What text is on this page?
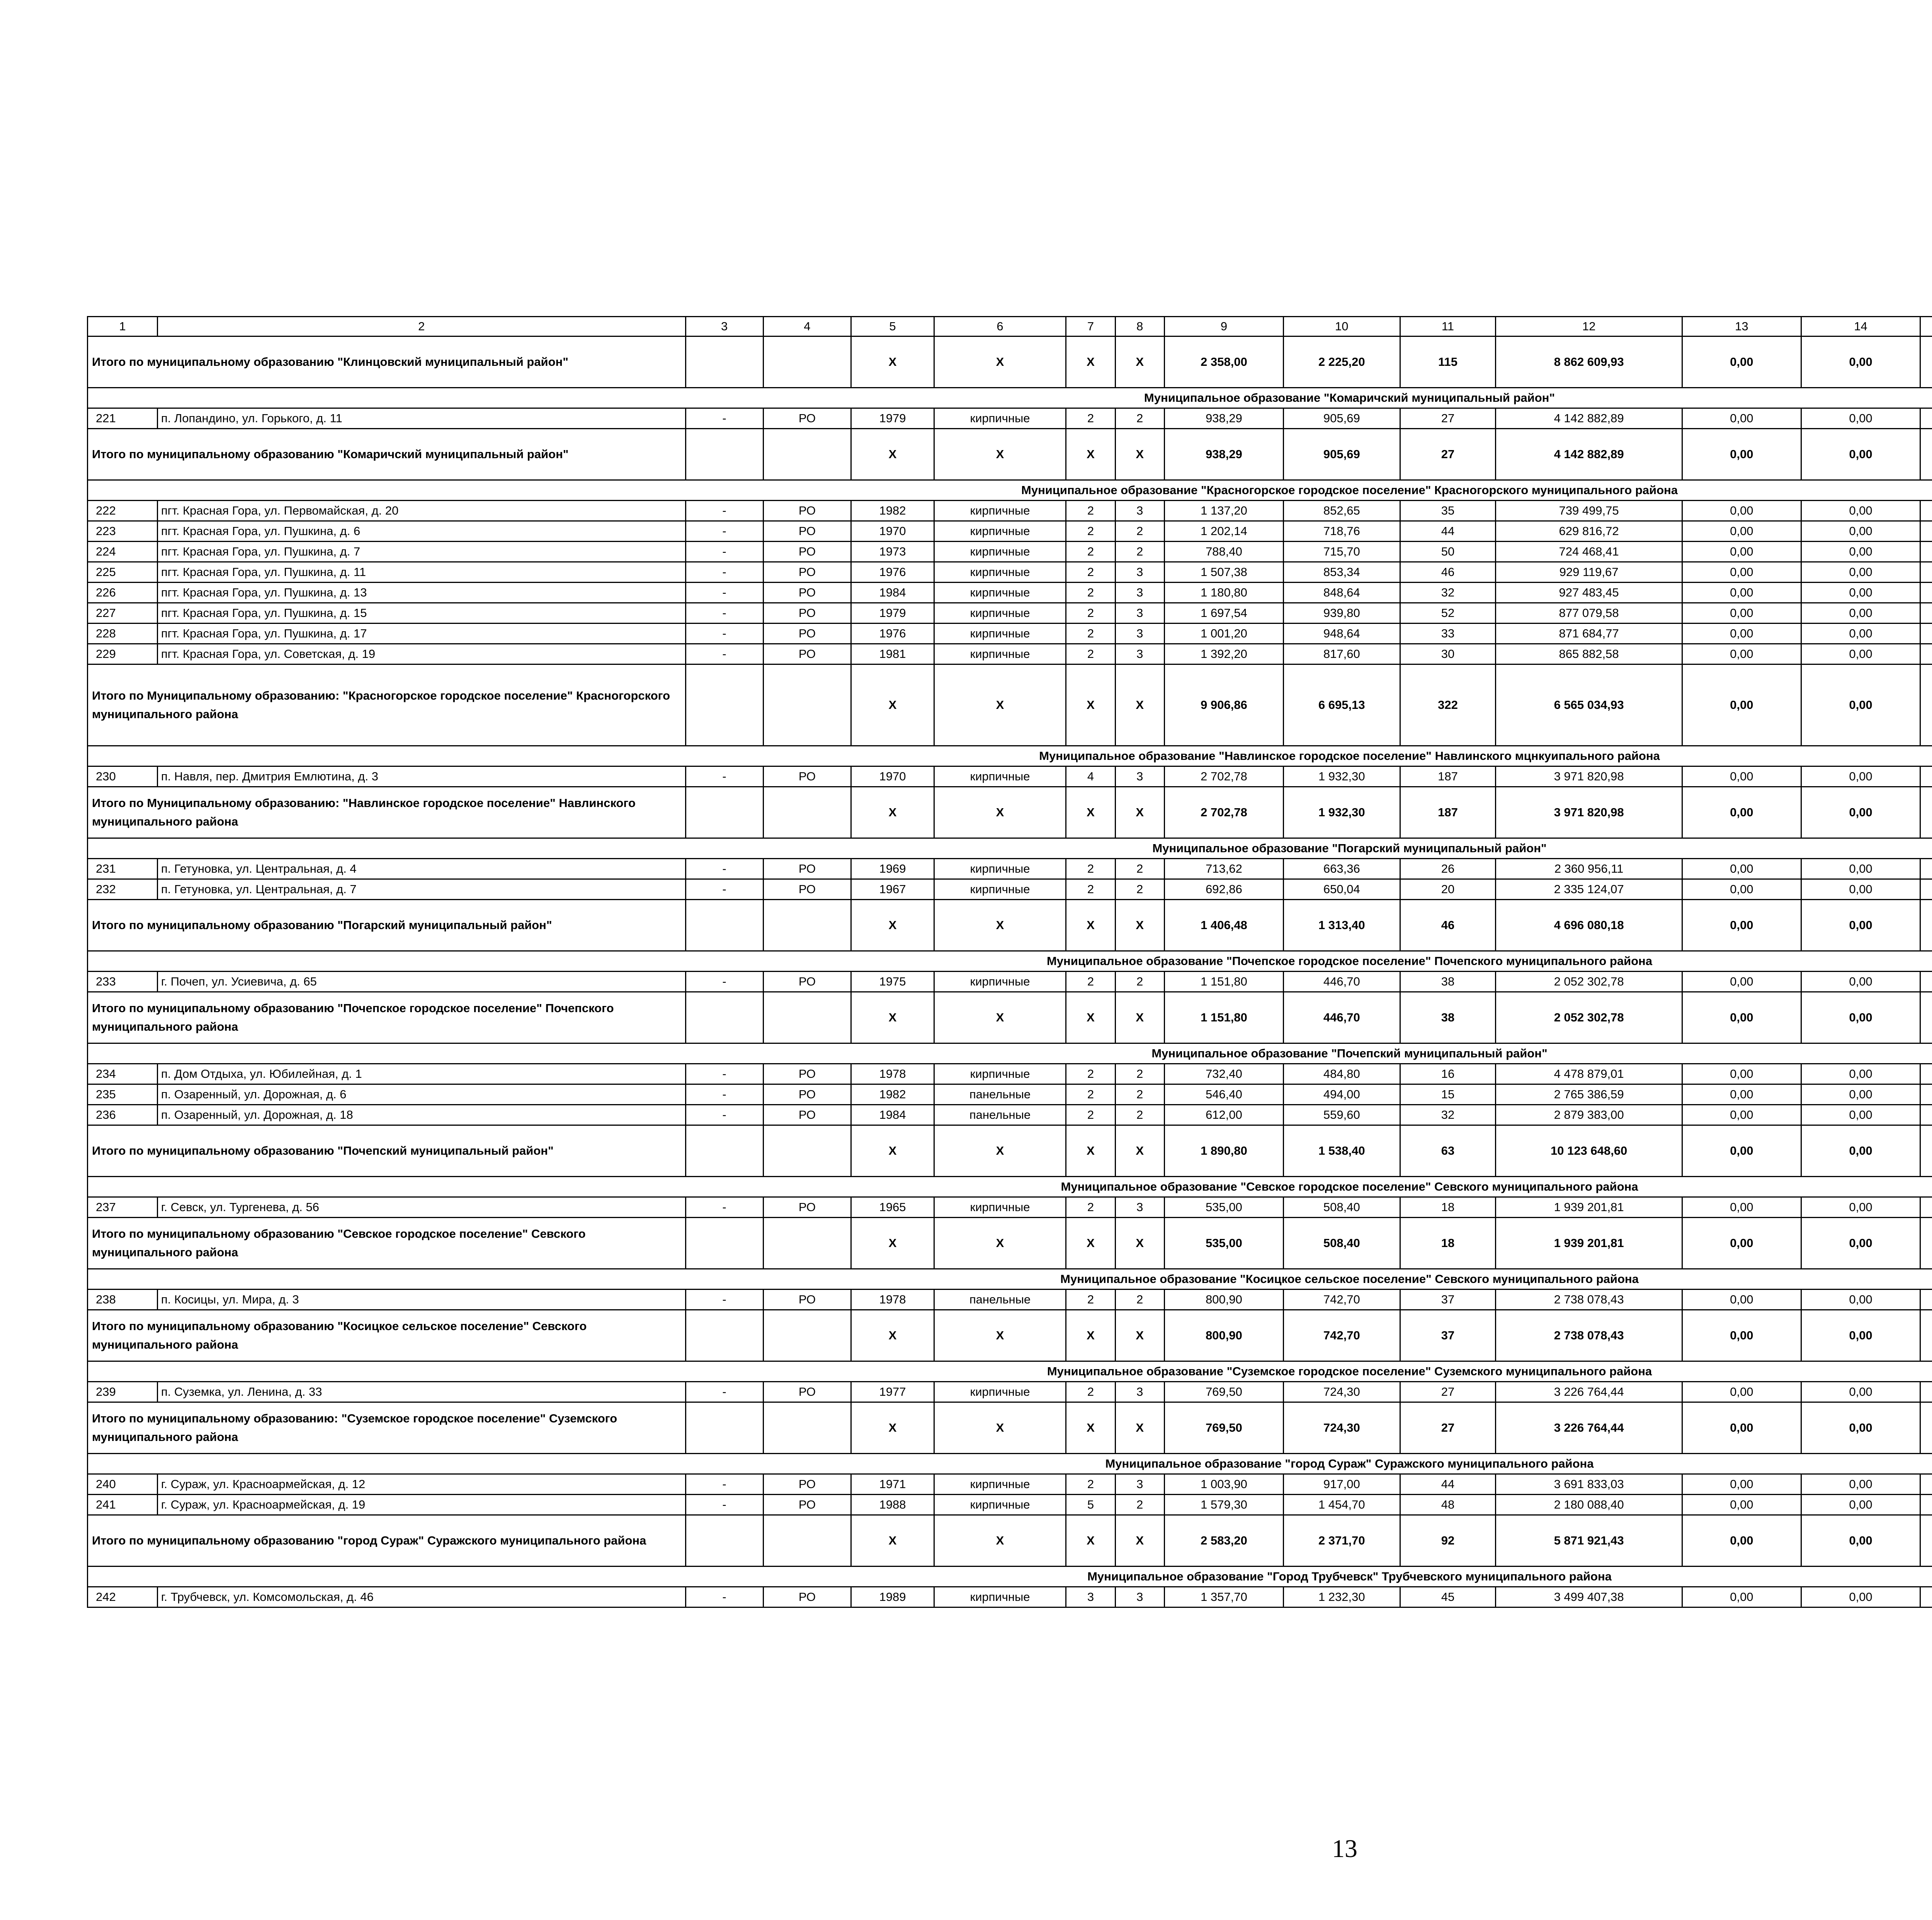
1	2	3	4	5	6	7	8	9	10	11	12	13	14					
Итого по муниципальному образованию "Клинцовский муниципальный район"				X	X	X	X	2 358,00	2 225,20	115	8 862 609,93	0,00	0,00					
Муниципальное образование "Комаричский муниципальный район"																		
221	п. Лопандино, ул. Горького, д. 11	-	РО	1979	кирпичные	2	2	938,29	905,69	27	4 142 882,89	0,00	0,00					
Итого по муниципальному образованию "Комаричский муниципальный район"				X	X	X	X	938,29	905,69	27	4 142 882,89	0,00	0,00					
Муниципальное образование "Красногорское городское поселение" Красногорского муниципального района																		
222	пгт. Красная Гора, ул. Первомайская, д. 20	-	РО	1982	кирпичные	2	3	1 137,20	852,65	35	739 499,75	0,00	0,00					
223	пгт. Красная Гора, ул. Пушкина, д. 6	-	РО	1970	кирпичные	2	2	1 202,14	718,76	44	629 816,72	0,00	0,00					
224	пгт. Красная Гора, ул. Пушкина, д. 7	-	РО	1973	кирпичные	2	2	788,40	715,70	50	724 468,41	0,00	0,00					
225	пгт. Красная Гора, ул. Пушкина, д. 11	-	РО	1976	кирпичные	2	3	1 507,38	853,34	46	929 119,67	0,00	0,00					
226	пгт. Красная Гора, ул. Пушкина, д. 13	-	РО	1984	кирпичные	2	3	1 180,80	848,64	32	927 483,45	0,00	0,00					
227	пгт. Красная Гора, ул. Пушкина, д. 15	-	РО	1979	кирпичные	2	3	1 697,54	939,80	52	877 079,58	0,00	0,00					
228	пгт. Красная Гора, ул. Пушкина, д. 17	-	РО	1976	кирпичные	2	3	1 001,20	948,64	33	871 684,77	0,00	0,00					
229	пгт. Красная Гора, ул. Советская, д. 19	-	РО	1981	кирпичные	2	3	1 392,20	817,60	30	865 882,58	0,00	0,00					
Итого по Муниципальному образованию: "Красногорское городское поселение" Красногорского муниципального района				X	X	X	X	9 906,86	6 695,13	322	6 565 034,93	0,00	0,00					
Муниципальное образование "Навлинское городское поселение" Навлинского мцнкуипального района																		
230	п. Навля, пер. Дмитрия Емлютина, д. 3	-	РО	1970	кирпичные	4	3	2 702,78	1 932,30	187	3 971 820,98	0,00	0,00					
Итого по Муниципальному образованию: "Навлинское городское поселение" Навлинского муниципального района				X	X	X	X	2 702,78	1 932,30	187	3 971 820,98	0,00	0,00					
Муниципальное образование "Погарский муниципальный район"																		
231	п. Гетуновка, ул. Центральная, д. 4	-	РО	1969	кирпичные	2	2	713,62	663,36	26	2 360 956,11	0,00	0,00					
232	п. Гетуновка, ул. Центральная, д. 7	-	РО	1967	кирпичные	2	2	692,86	650,04	20	2 335 124,07	0,00	0,00					
Итого по муниципальному образованию "Погарский муниципальный район"				X	X	X	X	1 406,48	1 313,40	46	4 696 080,18	0,00	0,00					
Муниципальное образование "Почепское городское поселение" Почепского муниципального района																		
233	г. Почеп, ул. Усиевича, д. 65	-	РО	1975	кирпичные	2	2	1 151,80	446,70	38	2 052 302,78	0,00	0,00					
Итого по муниципальному образованию "Почепское городское поселение" Почепского муниципального района				X	X	X	X	1 151,80	446,70	38	2 052 302,78	0,00	0,00					
Муниципальное образование "Почепский муниципальный район"																		
234	п. Дом Отдыха, ул. Юбилейная, д. 1	-	РО	1978	кирпичные	2	2	732,40	484,80	16	4 478 879,01	0,00	0,00					
235	п. Озаренный, ул. Дорожная, д. 6	-	РО	1982	панельные	2	2	546,40	494,00	15	2 765 386,59	0,00	0,00					
236	п. Озаренный, ул. Дорожная, д. 18	-	РО	1984	панельные	2	2	612,00	559,60	32	2 879 383,00	0,00	0,00					
Итого по муниципальному образованию "Почепский муниципальный район"				X	X	X	X	1 890,80	1 538,40	63	10 123 648,60	0,00	0,00					
Муниципальное образование "Севское городское поселение" Севского муниципального района																		
237	г. Севск, ул. Тургенева, д. 56	-	РО	1965	кирпичные	2	3	535,00	508,40	18	1 939 201,81	0,00	0,00					
Итого по муниципальному образованию "Севское городское поселение" Севского муниципального района				X	X	X	X	535,00	508,40	18	1 939 201,81	0,00	0,00					
Муниципальное образование "Косицкое сельское поселение" Севского муниципального района																		
238	п. Косицы, ул. Мира, д. 3	-	РО	1978	панельные	2	2	800,90	742,70	37	2 738 078,43	0,00	0,00					
Итого по муниципальному образованию "Косицкое сельское поселение" Севского муниципального района				X	X	X	X	800,90	742,70	37	2 738 078,43	0,00	0,00					
Муниципальное образование "Суземское городское поселение" Суземского муниципального района																		
239	п. Суземка, ул. Ленина, д. 33	-	РО	1977	кирпичные	2	3	769,50	724,30	27	3 226 764,44	0,00	0,00					
Итого по муниципальному образованию: "Суземское городское поселение" Суземского муниципального района				X	X	X	X	769,50	724,30	27	3 226 764,44	0,00	0,00					
Муниципальное образование "город Сураж" Суражского муниципального района																		
240	г. Сураж, ул. Красноармейская, д. 12	-	РО	1971	кирпичные	2	3	1 003,90	917,00	44	3 691 833,03	0,00	0,00					
241	г. Сураж, ул. Красноармейская, д. 19	-	РО	1988	кирпичные	5	2	1 579,30	1 454,70	48	2 180 088,40	0,00	0,00					
Итого по муниципальному образованию "город Сураж" Суражского муниципального района				X	X	X	X	2 583,20	2 371,70	92	5 871 921,43	0,00	0,00					
Муниципальное образование "Город Трубчевск" Трубчевского муниципального района																		
242	г. Трубчевск, ул. Комсомольская, д. 46	-	РО	1989	кирпичные	3	3	1 357,70	1 232,30	45	3 499 407,38	0,00	0,00					
13
